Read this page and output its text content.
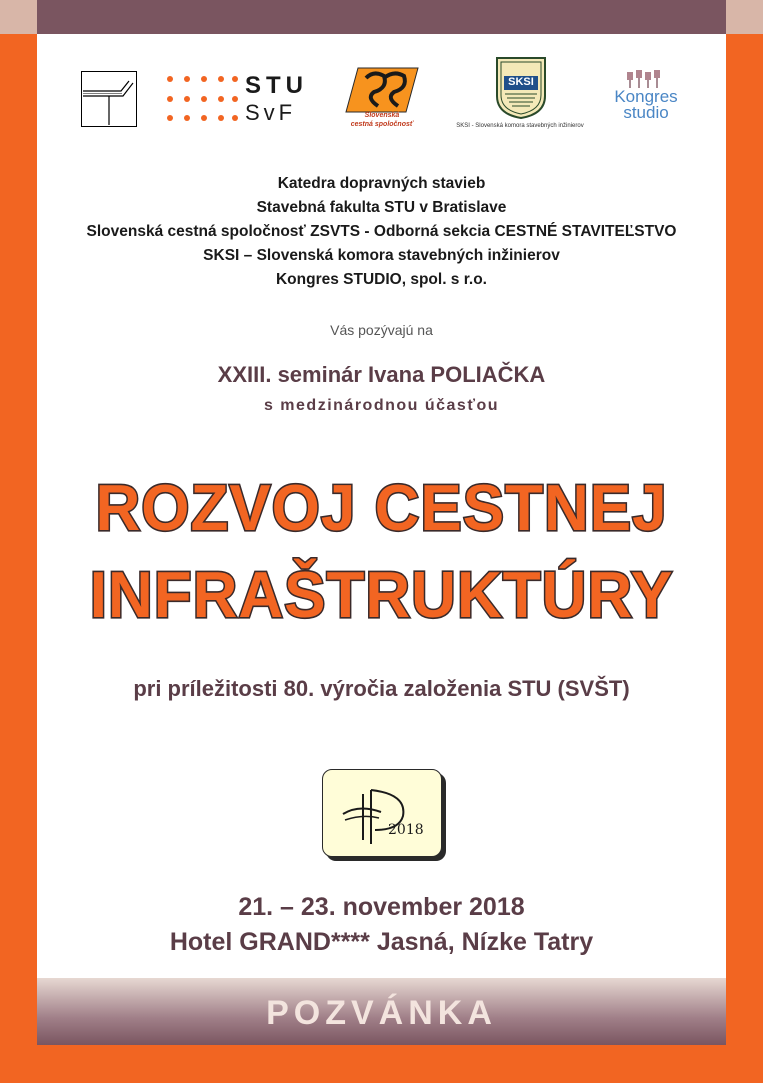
STU
SvF	Slovenská
cestná spoločnosť
SKSI
SKSI - Slovenská komora stavebných inžinierov
Kongres
studio
Katedra dopravných stavieb
Stavebná fakulta STU v Bratislave
Slovenská cestná spoločnosť ZSVTS - Odborná sekcia CESTNÉ STAVITEĽSTVO
SKSI – Slovenská komora stavebných inžinierov
Kongres STUDIO, spol. s r.o.
Vás pozývajú na
XXIII. seminár Ivana POLIAČKA
s medzinárodnou účasťou
ROZVOJ CESTNEJ
INFRAŠTRUKTÚRY
pri príležitosti 80. výročia založenia STU (SVŠT)
2018
21. – 23. november 2018
Hotel GRAND**** Jasná, Nízke Tatry
POZVÁNKA
